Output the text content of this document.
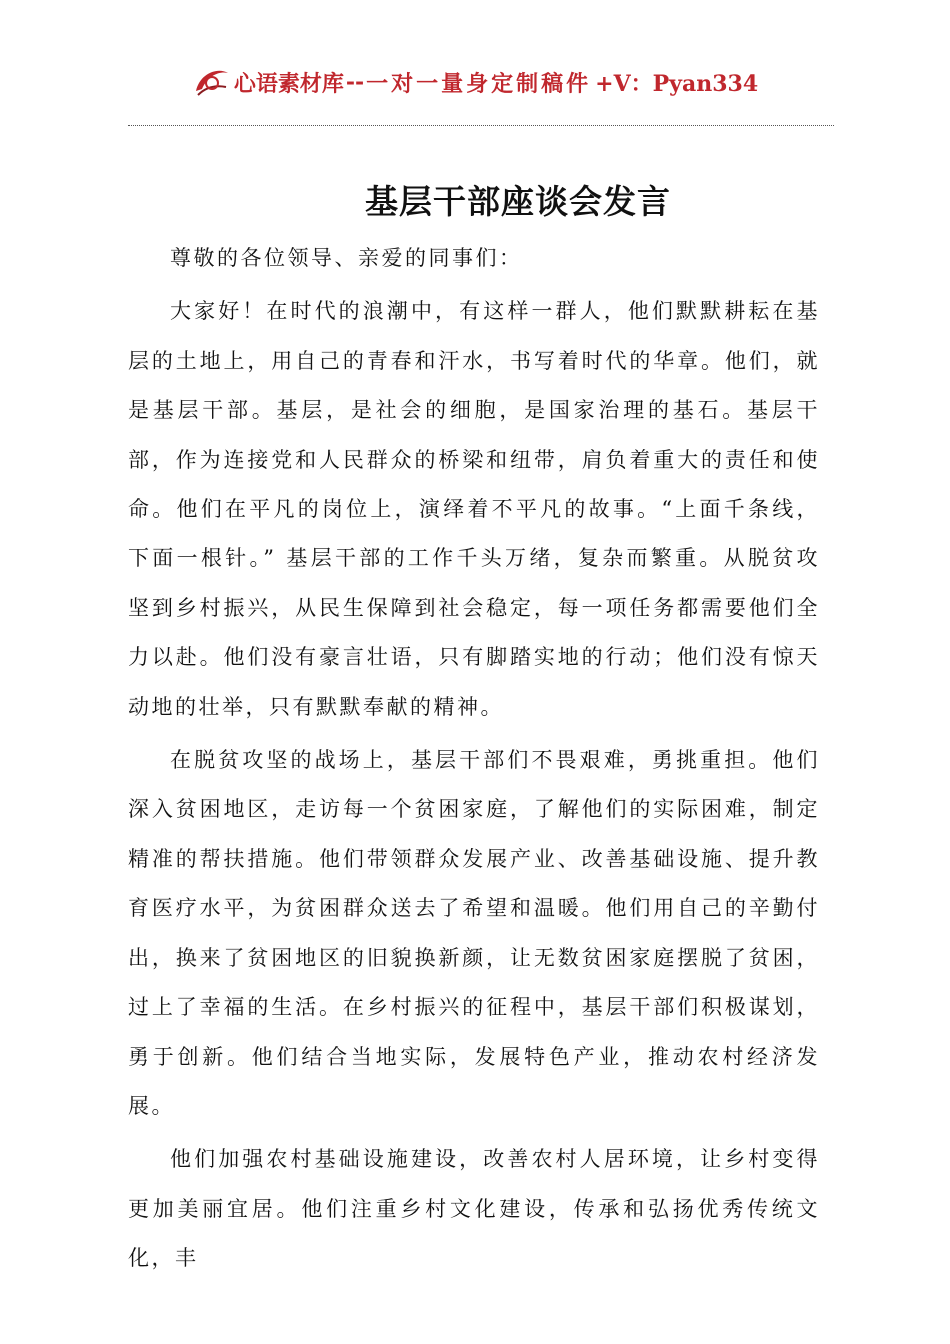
心语素材库 -- 一对一量身定制稿件 +V：Pyan334
基层干部座谈会发言

尊敬的各位领导、亲爱的同事们：

大家好！在时代的浪潮中，有这样一群人，他们默默耕耘在基层的土地上，用自己的青春和汗水，书写着时代的华章。他们，就是基层干部。基层，是社会的细胞，是国家治理的基石。基层干部，作为连接党和人民群众的桥梁和纽带，肩负着重大的责任和使命。他们在平凡的岗位上，演绎着不平凡的故事。“上面千条线，下面一根针。” 基层干部的工作千头万绪，复杂而繁重。从脱贫攻坚到乡村振兴，从民生保障到社会稳定，每一项任务都需要他们全力以赴。他们没有豪言壮语，只有脚踏实地的行动；他们没有惊天动地的壮举，只有默默奉献的精神。

在脱贫攻坚的战场上，基层干部们不畏艰难，勇挑重担。他们深入贫困地区，走访每一个贫困家庭，了解他们的实际困难，制定精准的帮扶措施。他们带领群众发展产业、改善基础设施、提升教育医疗水平，为贫困群众送去了希望和温暖。他们用自己的辛勤付出，换来了贫困地区的旧貌换新颜，让无数贫困家庭摆脱了贫困，过上了幸福的生活。在乡村振兴的征程中，基层干部们积极谋划，勇于创新。他们结合当地实际，发展特色产业，推动农村经济发展。

他们加强农村基础设施建设，改善农村人居环境，让乡村变得更加美丽宜居。他们注重乡村文化建设，传承和弘扬优秀传统文化，丰
